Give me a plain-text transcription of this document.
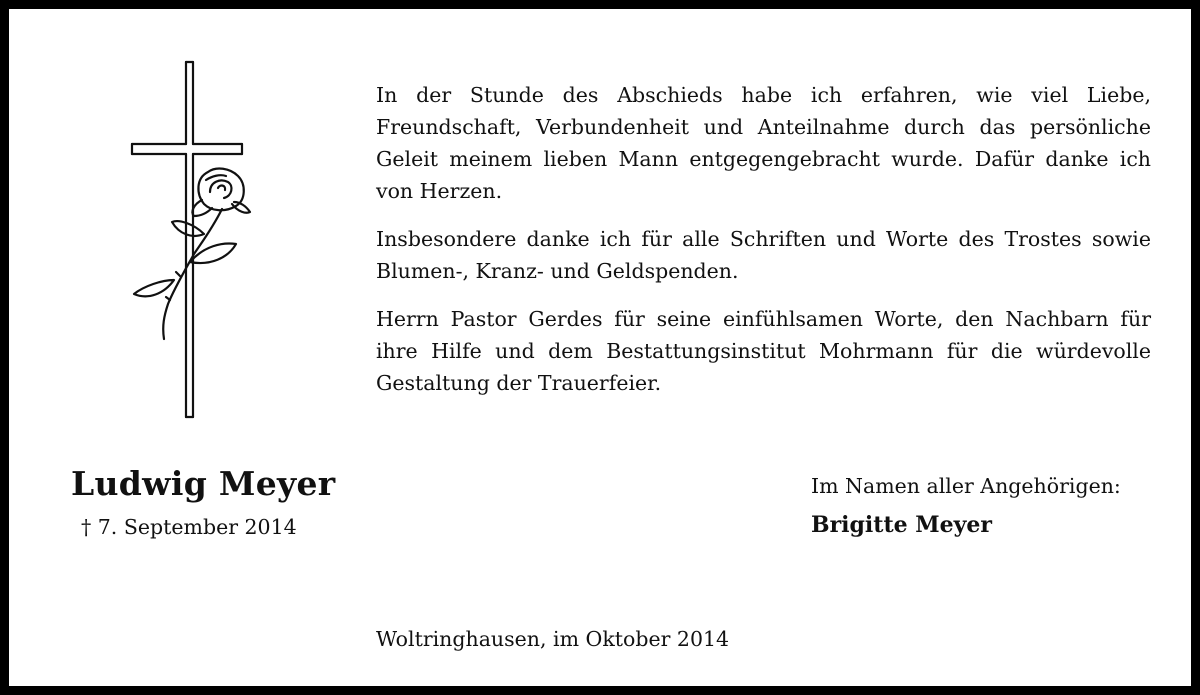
In der Stunde des Abschieds habe ich erfahren, wie viel Liebe, Freundschaft, Verbundenheit und Anteilnahme durch das persönliche Geleit meinem lieben Mann entgegengebracht wurde. Dafür danke ich von Herzen.

Insbesondere danke ich für alle Schriften und Worte des Trostes sowie Blumen-, Kranz- und Geldspenden.

Herrn Pastor Gerdes für seine einfühlsamen Worte, den Nachbarn für ihre Hilfe und dem Bestattungsinstitut Mohrmann für die würdevolle Gestaltung der Trauerfeier.

Ludwig Meyer
† 7. September 2014
Im Namen aller Angehörigen:
Brigitte Meyer
Woltringhausen, im Oktober 2014
